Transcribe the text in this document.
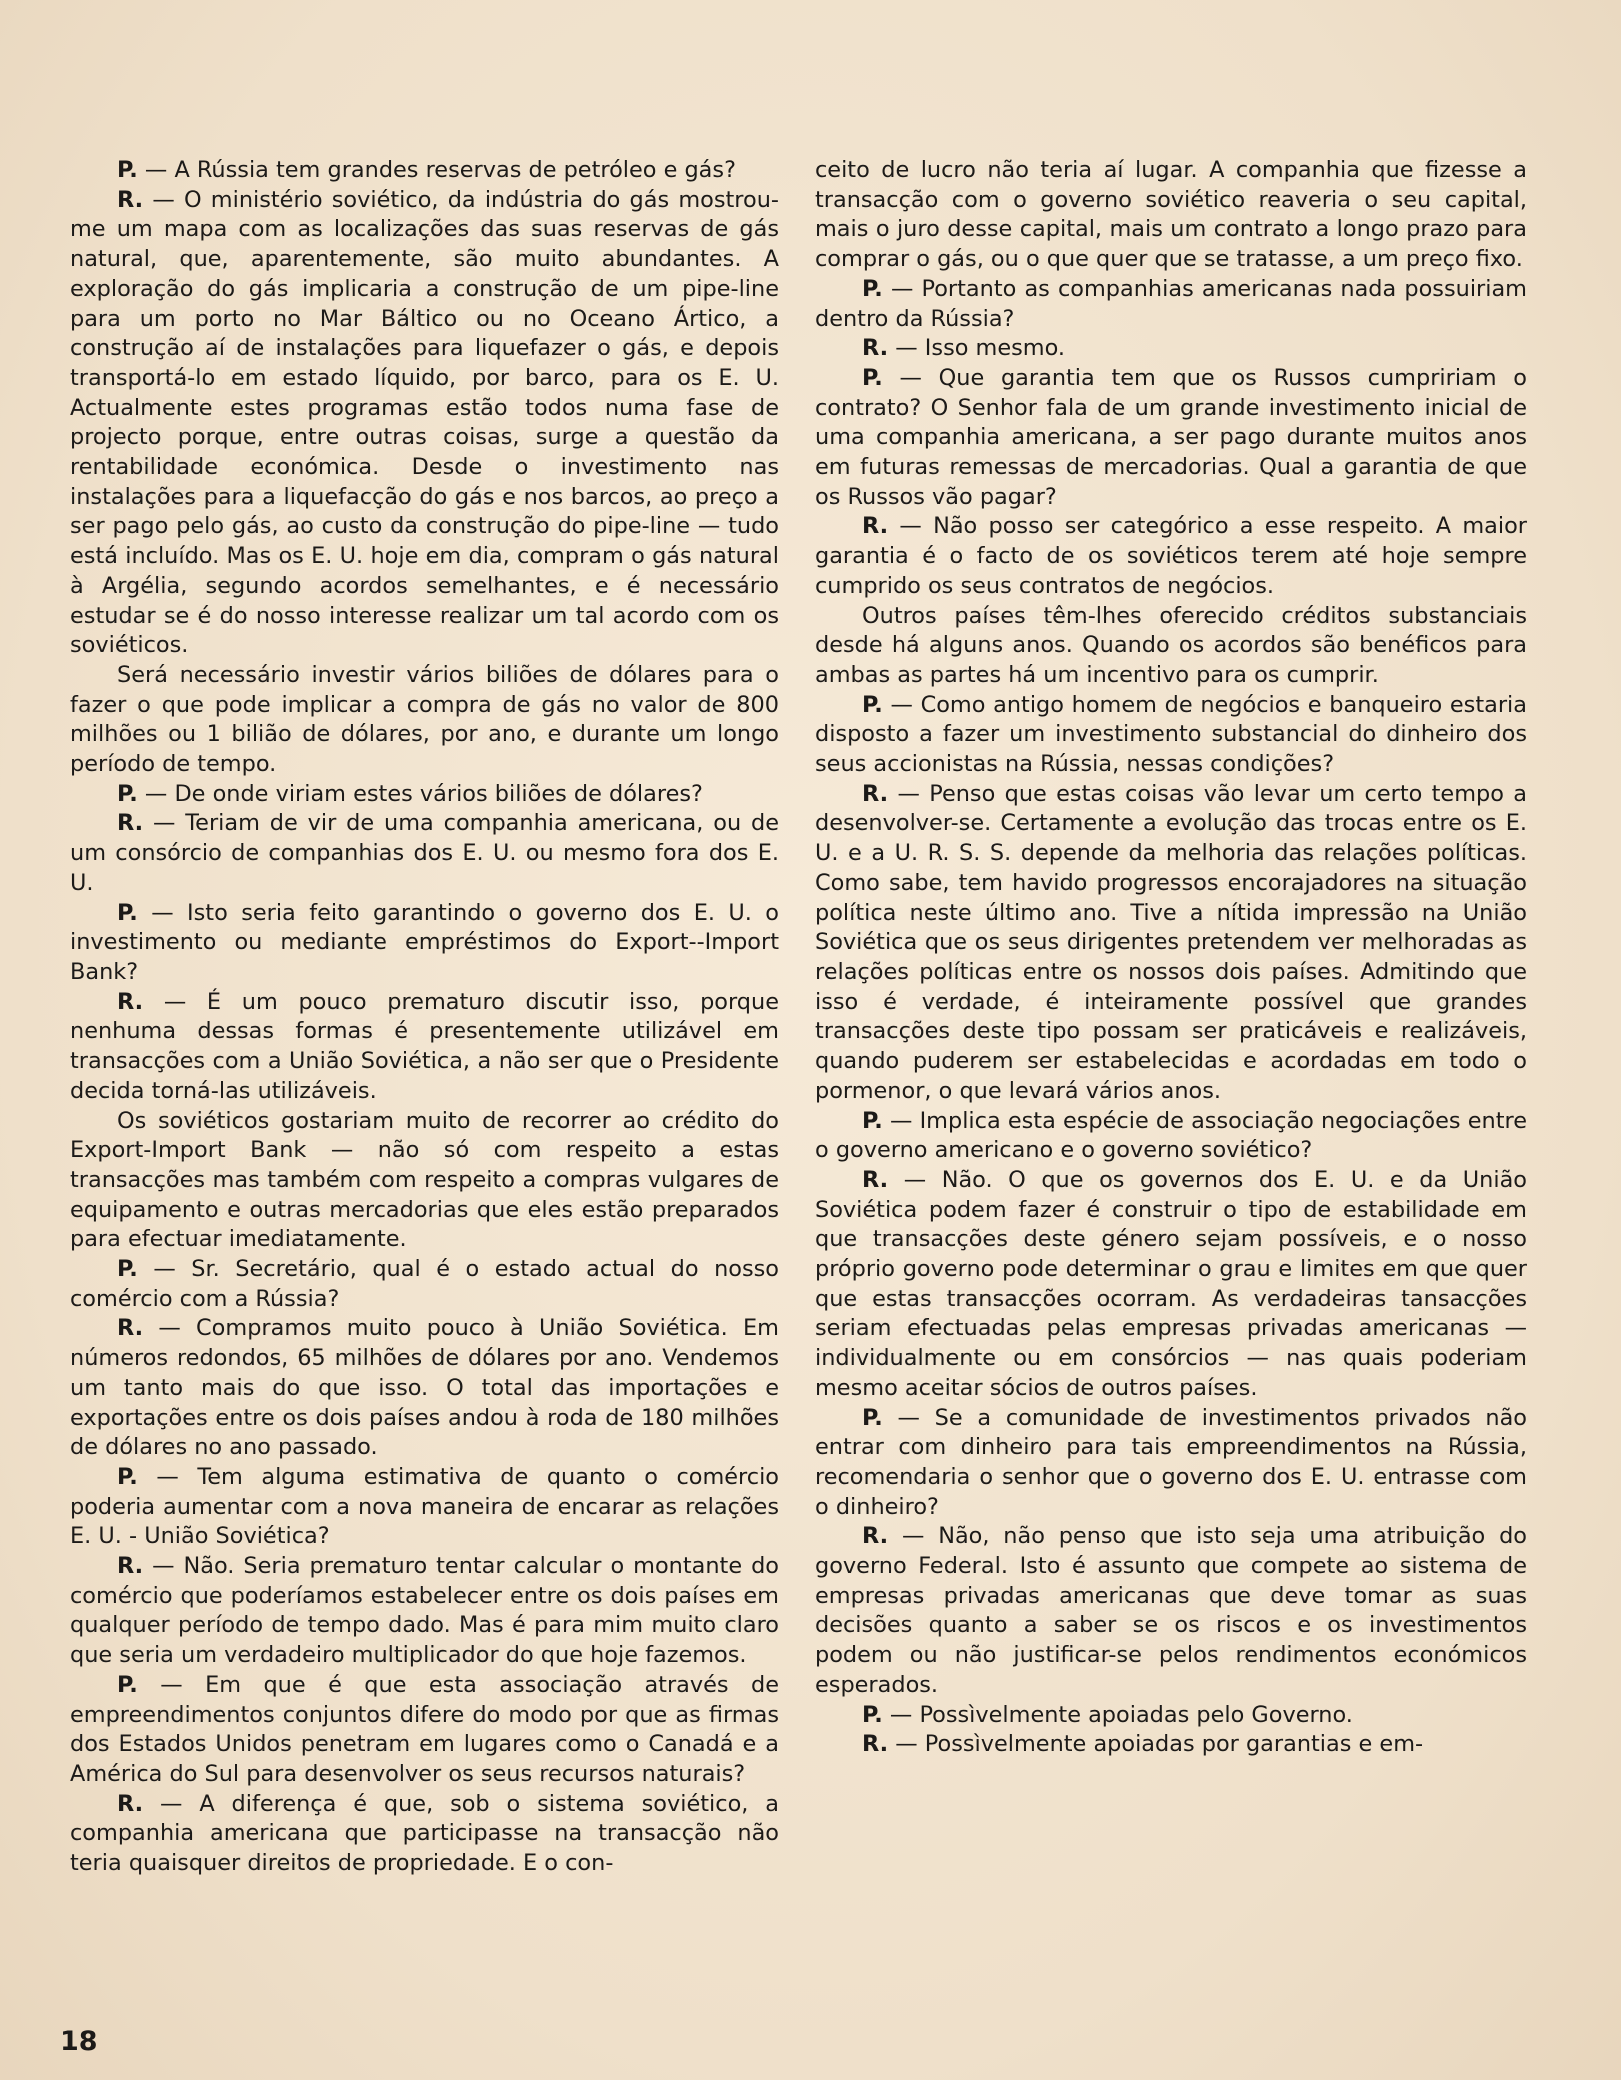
P. — A Rússia tem grandes reservas de petróleo e gás?

R. — O ministério soviético, da indústria do gás mostrou-me um mapa com as localizações das suas reservas de gás natural, que, aparentemente, são muito abundantes. A exploração do gás implicaria a construção de um pipe-line para um porto no Mar Báltico ou no Oceano Ártico, a construção aí de instalações para liquefazer o gás, e depois transportá-lo em estado líquido, por barco, para os E. U. Actualmente estes programas estão todos numa fase de projecto porque, entre outras coisas, surge a questão da rentabilidade económica. Desde o investimento nas instalações para a liquefacção do gás e nos barcos, ao preço a ser pago pelo gás, ao custo da construção do pipe-line — tudo está incluído. Mas os E. U. hoje em dia, compram o gás natural à Argélia, segundo acordos semelhantes, e é necessário estudar se é do nosso interesse realizar um tal acordo com os soviéticos.

Será necessário investir vários biliões de dólares para o fazer o que pode implicar a compra de gás no valor de 800 milhões ou 1 bilião de dólares, por ano, e durante um longo período de tempo.

P. — De onde viriam estes vários biliões de dólares?

R. — Teriam de vir de uma companhia americana, ou de um consórcio de companhias dos E. U. ou mesmo fora dos E. U.

P. — Isto seria feito garantindo o governo dos E. U. o investimento ou mediante empréstimos do Export--Import Bank?

R. — É um pouco prematuro discutir isso, porque nenhuma dessas formas é presentemente utilizável em transacções com a União Soviética, a não ser que o Presidente decida torná-las utilizáveis.

Os soviéticos gostariam muito de recorrer ao crédito do Export-Import Bank — não só com respeito a estas transacções mas também com respeito a compras vulgares de equipamento e outras mercadorias que eles estão preparados para efectuar imediatamente.

P. — Sr. Secretário, qual é o estado actual do nosso comércio com a Rússia?

R. — Compramos muito pouco à União Soviética. Em números redondos, 65 milhões de dólares por ano. Vendemos um tanto mais do que isso. O total das importações e exportações entre os dois países andou à roda de 180 milhões de dólares no ano passado.

P. — Tem alguma estimativa de quanto o comércio poderia aumentar com a nova maneira de encarar as relações E. U. - União Soviética?

R. — Não. Seria prematuro tentar calcular o montante do comércio que poderíamos estabelecer entre os dois países em qualquer período de tempo dado. Mas é para mim muito claro que seria um verdadeiro multiplicador do que hoje fazemos.

P. — Em que é que esta associação através de empreendimentos conjuntos difere do modo por que as firmas dos Estados Unidos penetram em lugares como o Canadá e a América do Sul para desenvolver os seus recursos naturais?

R. — A diferença é que, sob o sistema soviético, a companhia americana que participasse na transacção não teria quaisquer direitos de propriedade. E o con-

ceito de lucro não teria aí lugar. A companhia que fizesse a transacção com o governo soviético reaveria o seu capital, mais o juro desse capital, mais um contrato a longo prazo para comprar o gás, ou o que quer que se tratasse, a um preço fixo.

P. — Portanto as companhias americanas nada possuiriam dentro da Rússia?

R. — Isso mesmo.

P. — Que garantia tem que os Russos cumpririam o contrato? O Senhor fala de um grande investimento inicial de uma companhia americana, a ser pago durante muitos anos em futuras remessas de mercadorias. Qual a garantia de que os Russos vão pagar?

R. — Não posso ser categórico a esse respeito. A maior garantia é o facto de os soviéticos terem até hoje sempre cumprido os seus contratos de negócios.

Outros países têm-lhes oferecido créditos substanciais desde há alguns anos. Quando os acordos são benéficos para ambas as partes há um incentivo para os cumprir.

P. — Como antigo homem de negócios e banqueiro estaria disposto a fazer um investimento substancial do dinheiro dos seus accionistas na Rússia, nessas condições?

R. — Penso que estas coisas vão levar um certo tempo a desenvolver-se. Certamente a evolução das trocas entre os E. U. e a U. R. S. S. depende da melhoria das relações políticas. Como sabe, tem havido progressos encorajadores na situação política neste último ano. Tive a nítida impressão na União Soviética que os seus dirigentes pretendem ver melhoradas as relações políticas entre os nossos dois países. Admitindo que isso é verdade, é inteiramente possível que grandes transacções deste tipo possam ser praticáveis e realizáveis, quando puderem ser estabelecidas e acordadas em todo o pormenor, o que levará vários anos.

P. — Implica esta espécie de associação negociações entre o governo americano e o governo soviético?

R. — Não. O que os governos dos E. U. e da União Soviética podem fazer é construir o tipo de estabilidade em que transacções deste género sejam possíveis, e o nosso próprio governo pode determinar o grau e limites em que quer que estas transacções ocorram. As verdadeiras tansacções seriam efectuadas pelas empresas privadas americanas — individualmente ou em consórcios — nas quais poderiam mesmo aceitar sócios de outros países.

P. — Se a comunidade de investimentos privados não entrar com dinheiro para tais empreendimentos na Rússia, recomendaria o senhor que o governo dos E. U. entrasse com o dinheiro?

R. — Não, não penso que isto seja uma atribuição do governo Federal. Isto é assunto que compete ao sistema de empresas privadas americanas que deve tomar as suas decisões quanto a saber se os riscos e os investimentos podem ou não justificar-se pelos rendimentos económicos esperados.

P. — Possìvelmente apoiadas pelo Governo.

R. — Possìvelmente apoiadas por garantias e em-

18
